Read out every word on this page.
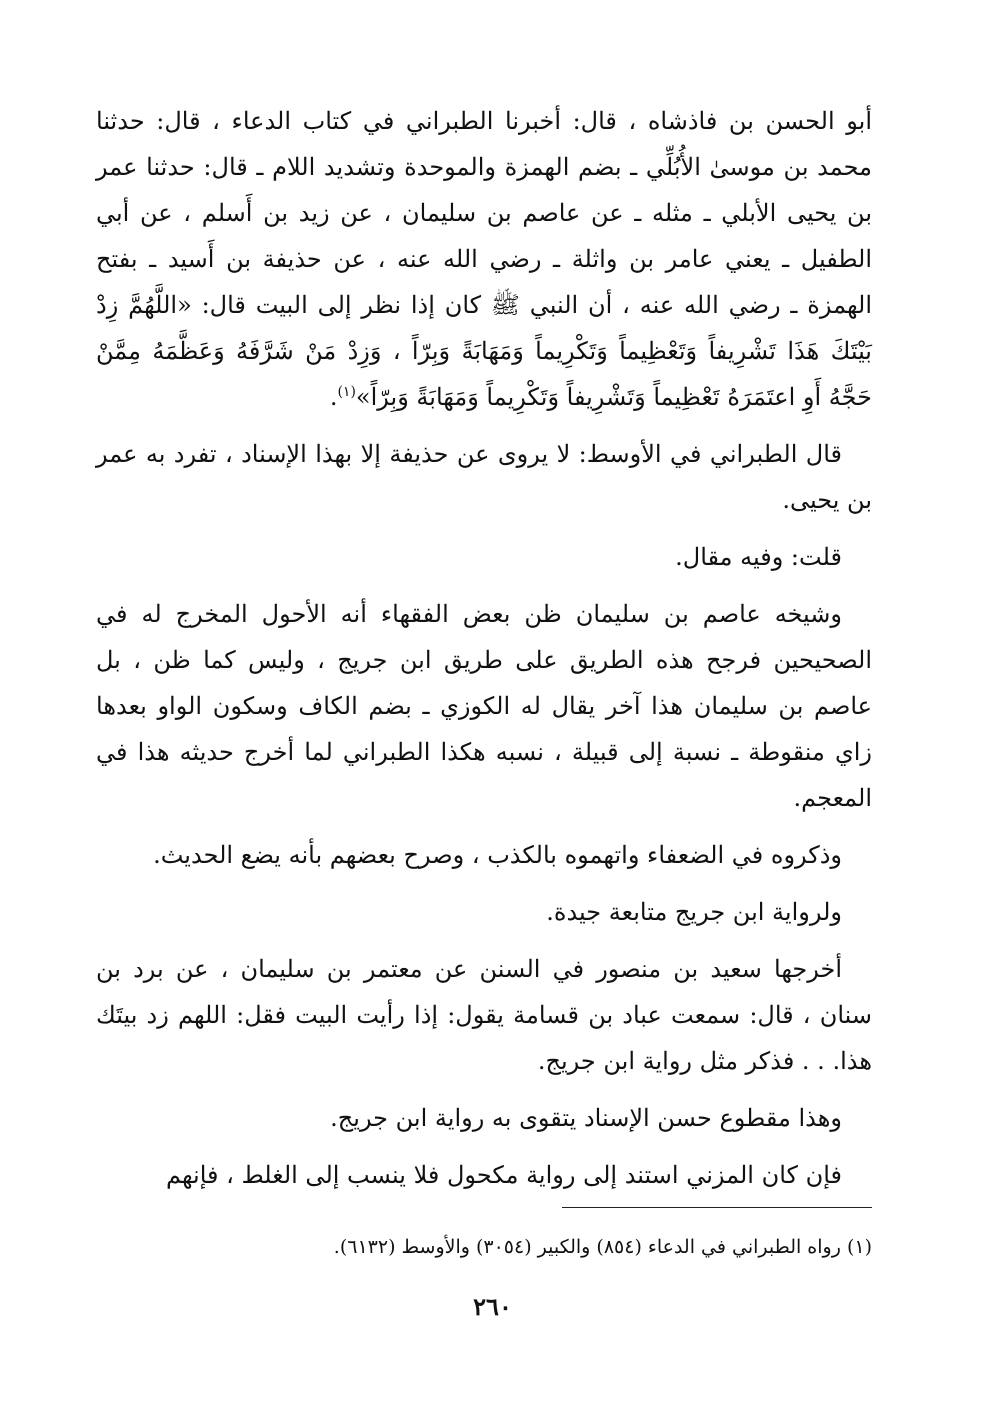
أبو الحسن بن فاذشاه ، قال: أخبرنا الطبراني في كتاب الدعاء ، قال: حدثنا محمد بن موسىٰ الأُبُلِّي ـ بضم الهمزة والموحدة وتشديد اللام ـ قال: حدثنا عمر بن يحيى الأبلي ـ مثله ـ عن عاصم بن سليمان ، عن زيد بن أَسلم ، عن أبي الطفيل ـ يعني عامر بن واثلة ـ رضي الله عنه ، عن حذيفة بن أَسيد ـ بفتح الهمزة ـ رضي الله عنه ، أن النبي ﷺ كان إذا نظر إلى البيت قال: «اللَّهُمَّ زِدْ بَيْتَكَ هَذَا تَشْرِيفاً وَتَعْظِيماً وَتَكْرِيماً وَمَهَابَةً وَبِرّاً ، وَزِدْ مَنْ شَرَّفَهُ وَعَظَّمَهُ مِمَّنْ حَجَّهُ أَوِ اعتَمَرَهُ تَعْظِيماً وَتَشْرِيفاً وَتَكْرِيماً وَمَهَابَةً وَبِرّاً»$^{(١)}$.

قال الطبراني في الأوسط: لا يروى عن حذيفة إلا بهذا الإسناد ، تفرد به عمر بن يحيى.

قلت: وفيه مقال.

وشيخه عاصم بن سليمان ظن بعض الفقهاء أنه الأحول المخرج له في الصحيحين فرجح هذه الطريق على طريق ابن جريج ، وليس كما ظن ، بل عاصم بن سليمان هذا آخر يقال له الكوزي ـ بضم الكاف وسكون الواو بعدها زاي منقوطة ـ نسبة إلى قبيلة ، نسبه هكذا الطبراني لما أخرج حديثه هذا في المعجم.

وذكروه في الضعفاء واتهموه بالكذب ، وصرح بعضهم بأنه يضع الحديث.

ولرواية ابن جريج متابعة جيدة.

أخرجها سعيد بن منصور في السنن عن معتمر بن سليمان ، عن برد بن سنان ، قال: سمعت عباد بن قسامة يقول: إذا رأيت البيت فقل: اللهم زد بيتَك هذا. . . فذكر مثل رواية ابن جريج.

وهذا مقطوع حسن الإسناد يتقوى به رواية ابن جريج.

فإن كان المزني استند إلى رواية مكحول فلا ينسب إلى الغلط ، فإنهم

(١) رواه الطبراني في الدعاء (٨٥٤) والكبير (٣٠٥٤) والأوسط (٦١٣٢).
٢٦٠
